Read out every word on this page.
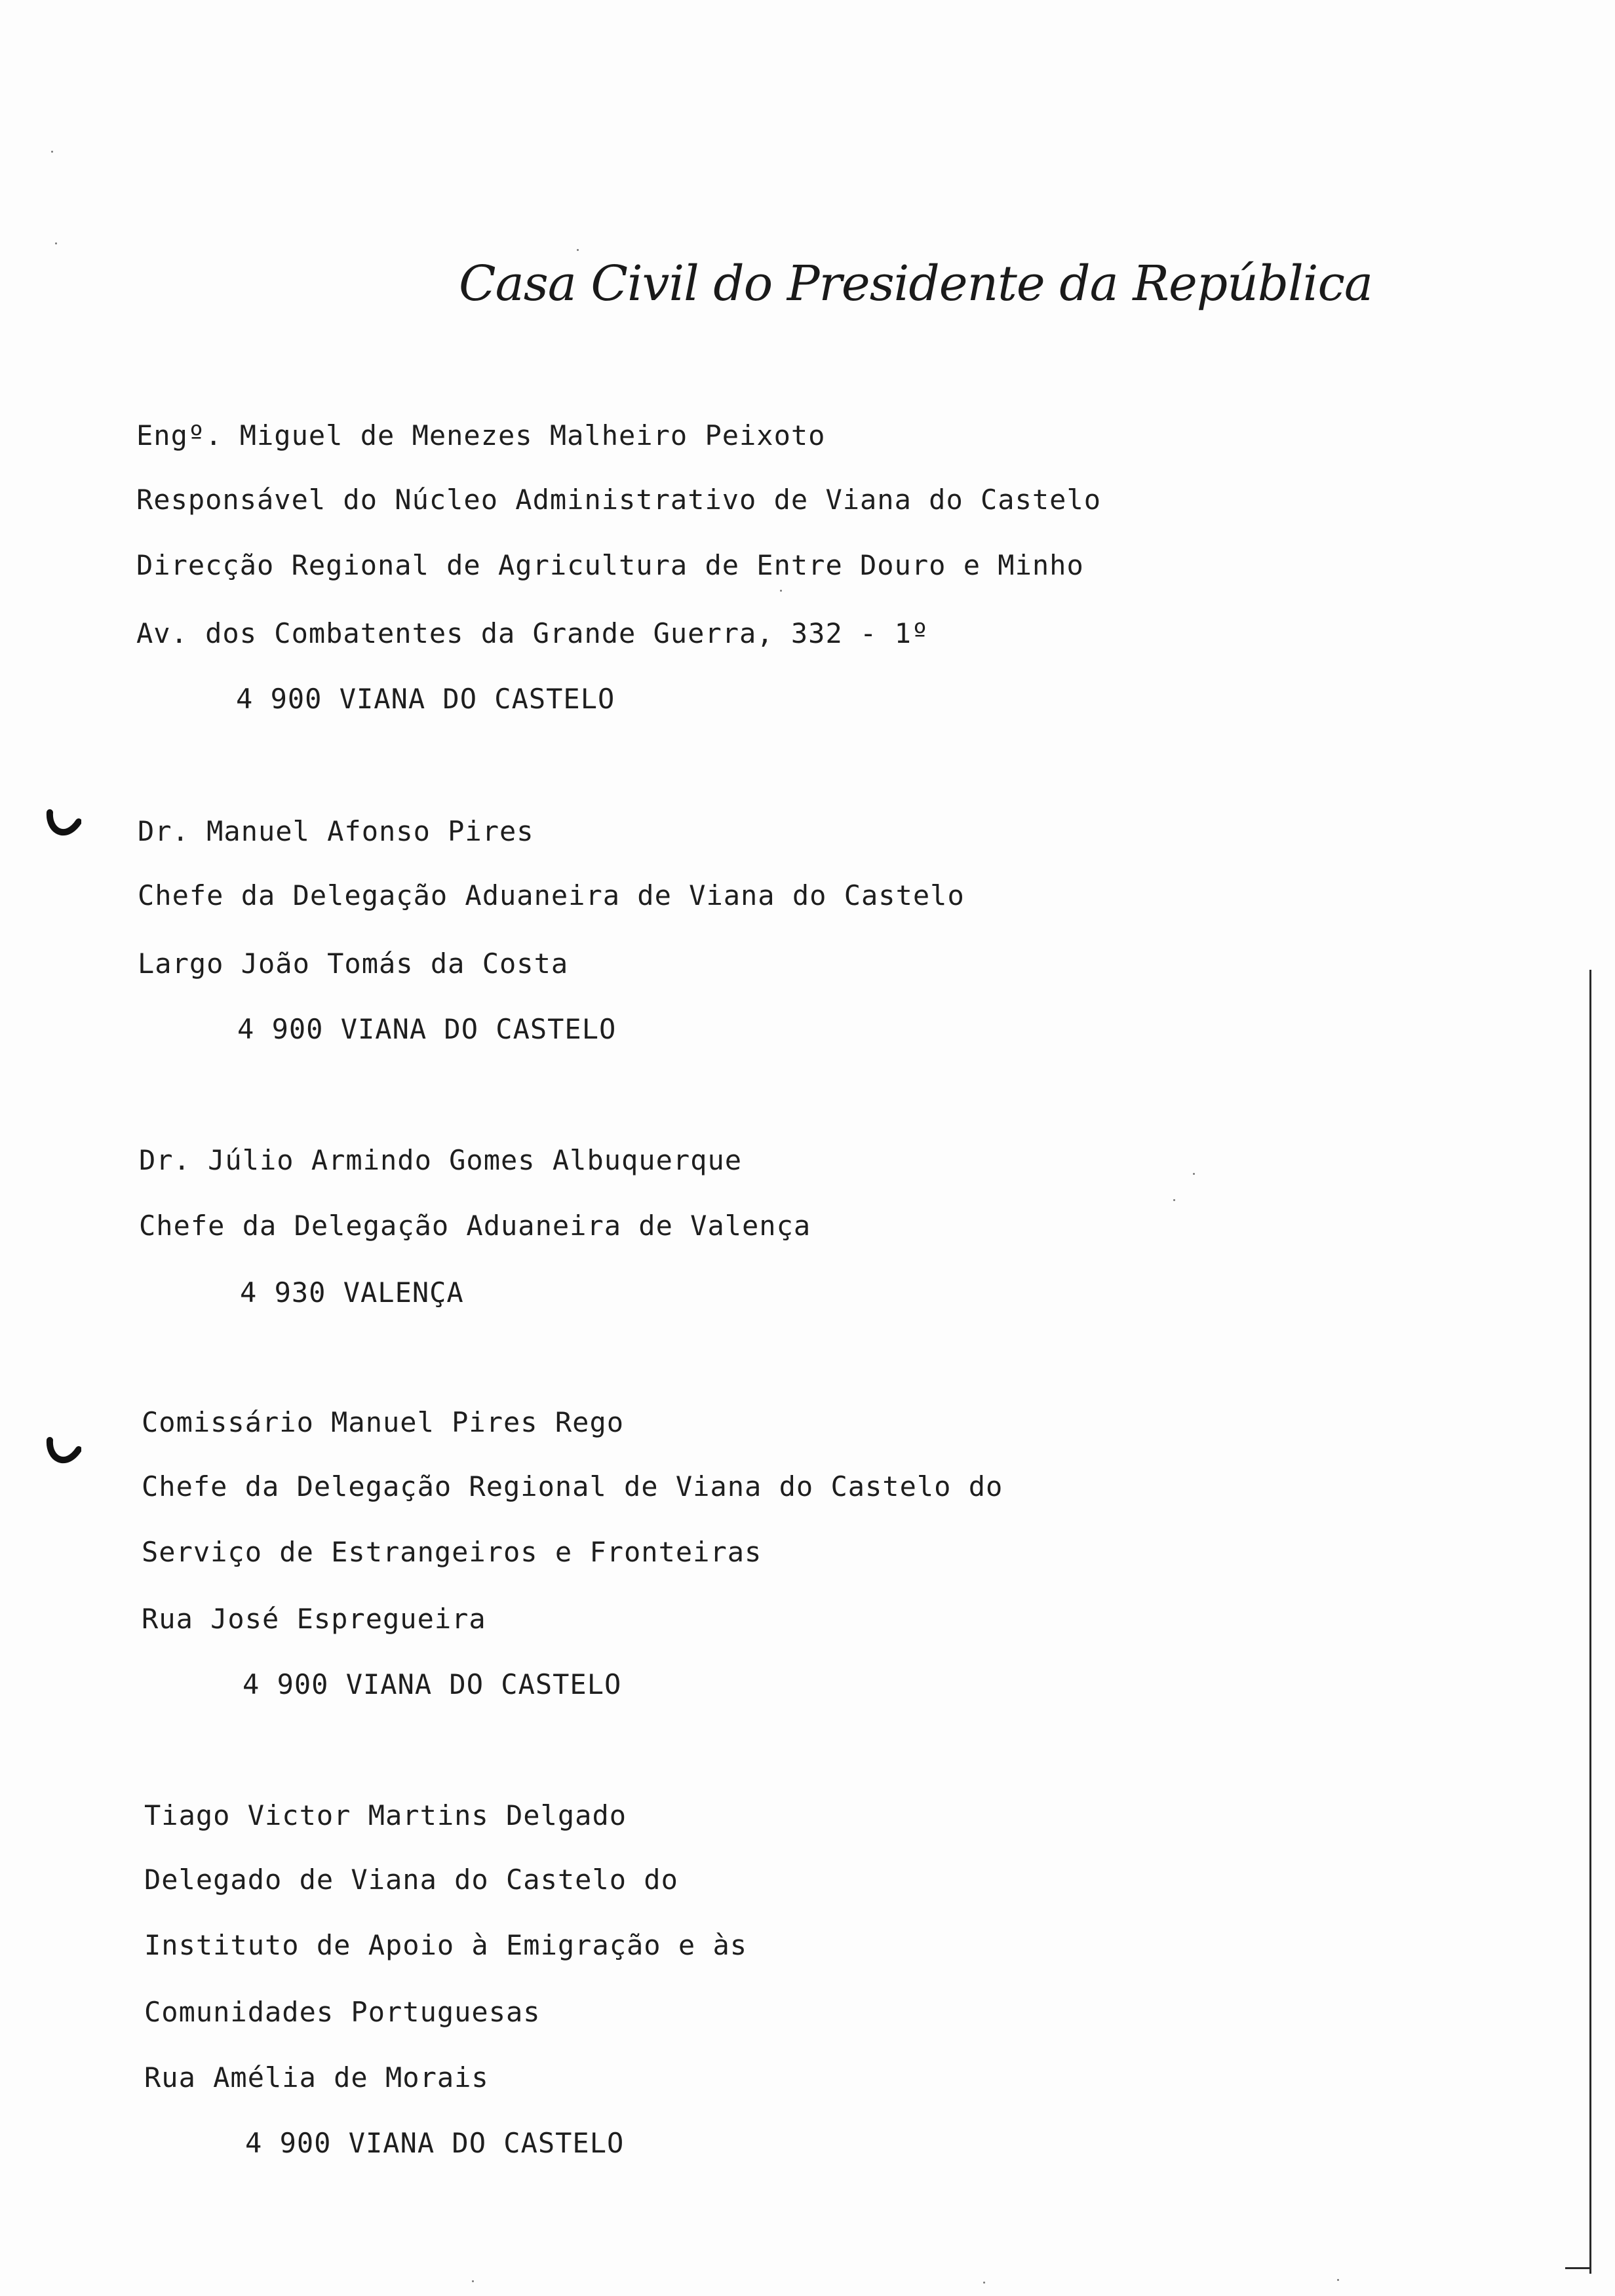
Casa Civil do Presidente da República
Engº. Miguel de Menezes Malheiro Peixoto
Responsável do Núcleo Administrativo de Viana do Castelo
Direcção Regional de Agricultura de Entre Douro e Minho
Av. dos Combatentes da Grande Guerra, 332 - 1º
4 900 VIANA DO CASTELO
Dr. Manuel Afonso Pires
Chefe da Delegação Aduaneira de Viana do Castelo
Largo João Tomás da Costa
4 900 VIANA DO CASTELO
Dr. Júlio Armindo Gomes Albuquerque
Chefe da Delegação Aduaneira de Valença
4 930 VALENÇA
Comissário Manuel Pires Rego
Chefe da Delegação Regional de Viana do Castelo do
Serviço de Estrangeiros e Fronteiras
Rua José Espregueira
4 900 VIANA DO CASTELO
Tiago Victor Martins Delgado
Delegado de Viana do Castelo do
Instituto de Apoio à Emigração e às
Comunidades Portuguesas
Rua Amélia de Morais
4 900 VIANA DO CASTELO
